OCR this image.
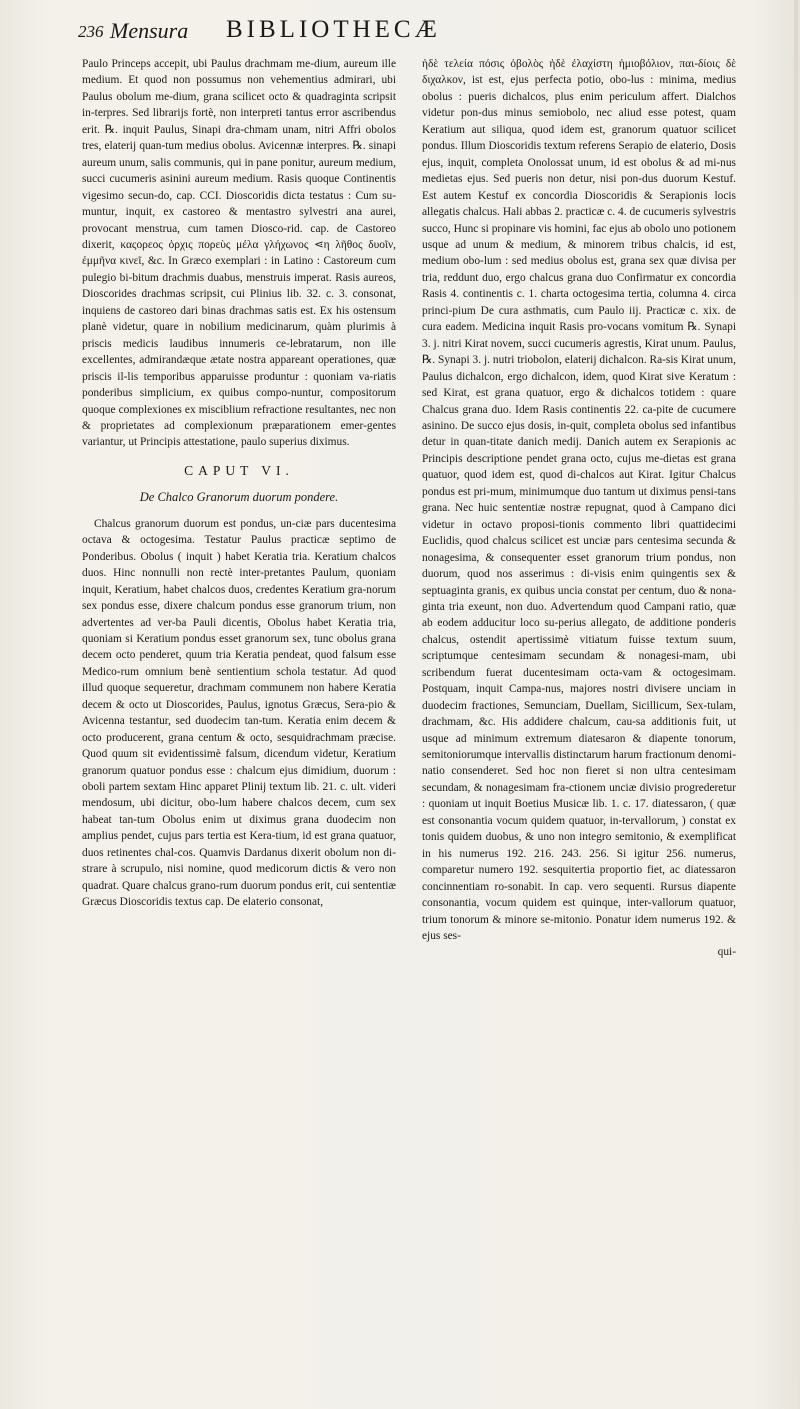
236 Mensura BIBLIOTHECÆ

Paulo Princeps accepit, ubi Paulus drachmam me-dium, aureum ille medium. Et quod non possumus non vehementius admirari, ubi Paulus obolum me-dium, grana scilicet octo & quadraginta scripsit in-terpres. Sed librarijs fortè, non interpreti tantus error ascribendus erit. ℞. inquit Paulus, Sinapi dra-chmam unam, nitri Affri obolos tres, elaterij quan-tum medius obolus. Avicennæ interpres. ℞. sinapi aureum unum, salis communis, qui in pane ponitur, aureum medium, succi cucumeris asinini aureum medium. Rasis quoque Continentis vigesimo secun-do, cap. CCI. Dioscoridis dicta testatus : Cum su-muntur, inquit, ex castoreo & mentastro sylvestri ana aurei, provocant menstrua, cum tamen Diosco-rid. cap. de Castoreo dixerit, καςορεος ὁρχις πορεὺς μέλα γλήχωνος ⋖η λῆθος δυοῖν, ἐμμῆνα κινεῖ, &c. In Græco exemplari : in Latino : Castoreum cum pulegio bi-bitum drachmis duabus, menstruis imperat. Rasis aureos, Dioscorides drachmas scripsit, cui Plinius lib. 32. c. 3. consonat, inquiens de castoreo dari binas drachmas satis est. Ex his ostensum planè videtur, quare in nobilium medicinarum, quàm plurimis à priscis medicis laudibus innumeris ce-lebratarum, non ille excellentes, admirandæque ætate nostra appareant operationes, quæ priscis il-lis temporibus apparuisse produntur : quoniam va-riatis ponderibus simplicium, ex quibus compo-nuntur, compositorum quoque complexiones ex misciblium refractione resultantes, nec non & proprietates ad complexionum præparationem emer-gentes variantur, ut Principis attestatione, paulo superius diximus.

CAPUT VI.
De Chalco Granorum duorum pondere.

Chalcus granorum duorum est pondus, un-ciæ pars ducentesima octava & octogesima. Testatur Paulus practicæ septimo de Ponderibus. Obolus ( inquit ) habet Keratia tria. Keratium chalcos duos. Hinc nonnulli non rectè inter-pretantes Paulum, quoniam inquit, Keratium, habet chalcos duos, credentes Keratium gra-norum sex pondus esse, dixere chalcum pondus esse granorum trium, non advertentes ad ver-ba Pauli dicentis, Obolus habet Keratia tria, quoniam si Keratium pondus esset granorum sex, tunc obolus grana decem octo penderet, quum tria Keratia pendeat, quod falsum esse Medico-rum omnium benè sentientium schola testatur. Ad quod illud quoque sequeretur, drachmam communem non habere Keratia decem & octo ut Dioscorides, Paulus, ignotus Græcus, Sera-pio & Avicenna testantur, sed duodecim tan-tum. Keratia enim decem & octo producerent, grana centum & octo, sesquidrachmam præcise. Quod quum sit evidentissimè falsum, dicendum videtur, Keratium granorum quatuor pondus esse : chalcum ejus dimidium, duorum : oboli partem sextam Hinc apparet Plinij textum lib. 21. c. ult. videri mendosum, ubi dicitur, obo-lum habere chalcos decem, cum sex habeat tan-tum Obolus enim ut diximus grana duodecim non amplius pendet, cujus pars tertia est Kera-tium, id est grana quatuor, duos retinentes chal-cos. Quamvis Dardanus dixerit obolum non di-strare à scrupulo, nisi nomine, quod medicorum dictis & vero non quadrat. Quare chalcus grano-rum duorum pondus erit, cui sententiæ Græcus Dioscoridis textus cap. De elaterio consonat,

ἡδὲ τελεία πόσις ὀβολὸς ἡδὲ ἐλαχίστη ἡμιοβόλιον, παι-δίοις δὲ διχαλκον, ist est, ejus perfecta potio, obo-lus : minima, medius obolus : pueris dichalcos, plus enim periculum affert. Dialchos videtur pon-dus minus semiobolo, nec aliud esse potest, quam Keratium aut siliqua, quod idem est, granorum quatuor scilicet pondus. Illum Dioscoridis textum referens Serapio de elaterio, Dosis ejus, inquit, completa Onolossat unum, id est obolus & ad mi-nus medietas ejus. Sed pueris non detur, nisi pon-dus duorum Kestuf. Est autem Kestuf ex concordia Dioscoridis & Serapionis locis allegatis chalcus. Hali abbas 2. practicæ c. 4. de cucumeris sylvestris succo, Hunc si propinare vis homini, fac ejus ab obolo uno potionem usque ad unum & medium, & minorem tribus chalcis, id est, medium obo-lum : sed medius obolus est, grana sex quæ divisa per tria, reddunt duo, ergo chalcus grana duo Confirmatur ex concordia Rasis 4. continentis c. 1. charta octogesima tertia, columna 4. circa princi-pium De cura asthmatis, cum Paulo iij. Practicæ c. xix. de cura eadem. Medicina inquit Rasis pro-vocans vomitum ℞. Synapi 3. j. nitri Kirat novem, succi cucumeris agrestis, Kirat unum. Paulus, ℞. Synapi 3. j. nutri triobolon, elaterij dichalcon. Ra-sis Kirat unum, Paulus dichalcon, ergo dichalcon, idem, quod Kirat sive Keratum : sed Kirat, est grana quatuor, ergo & dichalcos totidem : quare Chalcus grana duo. Idem Rasis continentis 22. ca-pite de cucumere asinino. De succo ejus dosis, in-quit, completa obolus sed infantibus detur in quan-titate danich medij. Danich autem ex Serapionis ac Principis descriptione pendet grana octo, cujus me-dietas est grana quatuor, quod idem est, quod di-chalcos aut Kirat. Igitur Chalcus pondus est pri-mum, minimumque duo tantum ut diximus pensi-tans grana. Nec huic sententiæ nostræ repugnat, quod à Campano dici videtur in octavo proposi-tionis commento libri quattidecimi Euclidis, quod chalcus scilicet est unciæ pars centesima secunda & nonagesima, & consequenter esset granorum trium pondus, non duorum, quod nos asserimus : di-visis enim quingentis sex & septuaginta granis, ex quibus uncia constat per centum, duo & nona-ginta tria exeunt, non duo. Advertendum quod Campani ratio, quæ ab eodem adducitur loco su-perius allegato, de additione ponderis chalcus, ostendit apertissimè vitiatum fuisse textum suum, scriptumque centesimam secundam & nonagesi-mam, ubi scribendum fuerat ducentesimam octa-vam & octogesimam. Postquam, inquit Campa-nus, majores nostri divisere unciam in duodecim fractiones, Semunciam, Duellam, Sicillicum, Sex-tulam, drachmam, &c. His addidere chalcum, cau-sa additionis fuit, ut usque ad minimum extremum diatesaron & diapente tonorum, semitoniorumque intervallis distinctarum harum fractionum denomi-natio consenderet. Sed hoc non fieret si non ultra centesimam secundam, & nonagesimam fra-ctionem unciæ divisio progrederetur : quoniam ut inquit Boetius Musicæ lib. 1. c. 17. diatessaron, ( quæ est consonantia vocum quidem quatuor, in-tervallorum, ) constat ex tonis quidem duobus, & uno non integro semitonio, & exemplificat in his numerus 192. 216. 243. 256. Si igitur 256. numerus, comparetur numero 192. sesquitertia proportio fiet, ac diatessaron concinnentiam ro-sonabit. In cap. vero sequenti. Rursus diapente consonantia, vocum quidem est quinque, inter-vallorum quatuor, trium tonorum & minore se-mitonio. Ponatur idem numerus 192. & ejus ses-

qui-
